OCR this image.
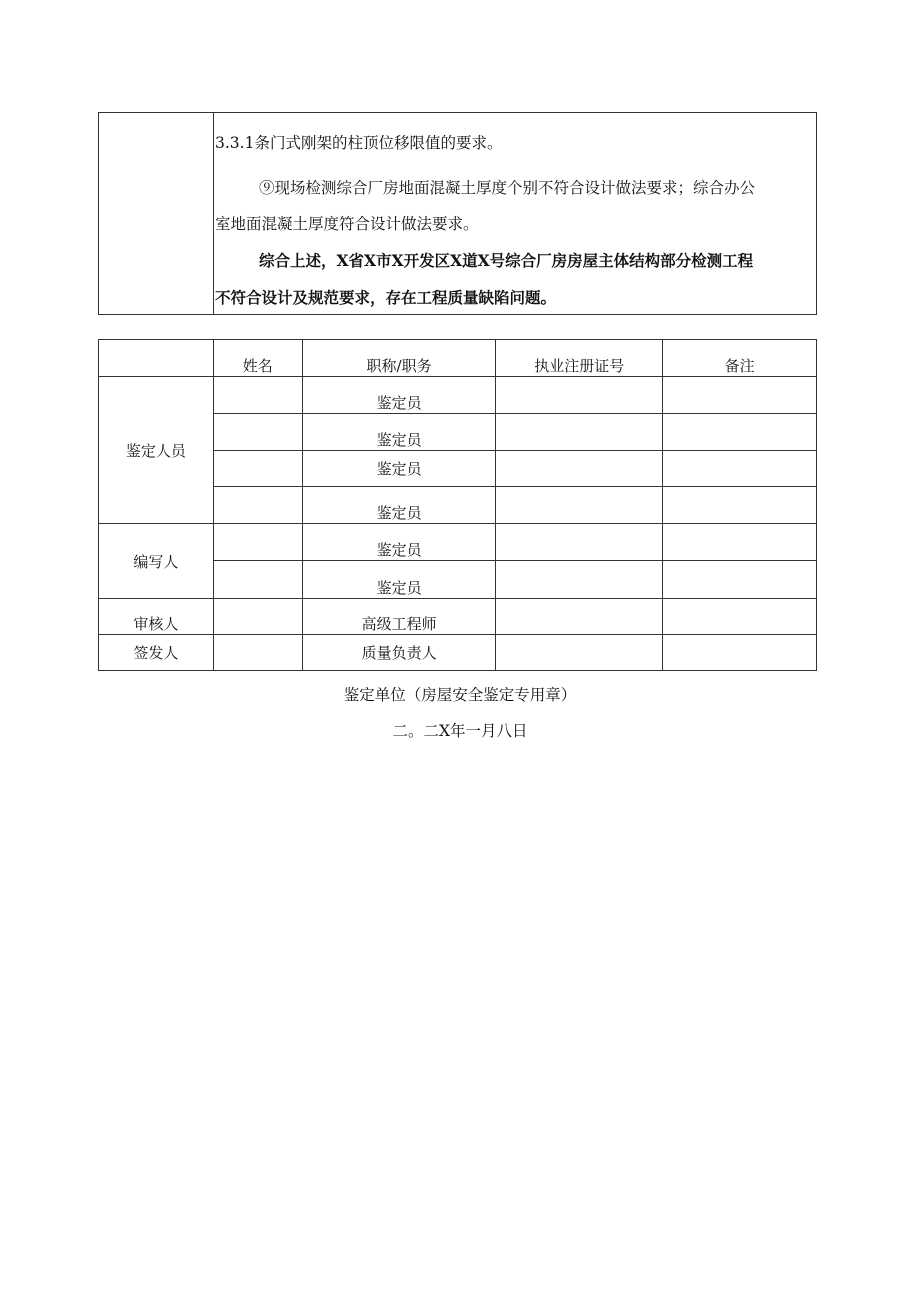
3.3.1条门式刚架的柱顶位移限值的要求。
⑨现场检测综合厂房地面混凝土厚度个别不符合设计做法要求；综合办公
室地面混凝土厚度符合设计做法要求。
综合上述，X省X市X开发区X道X号综合厂房房屋主体结构部分检测工程
不符合设计及规范要求，存在工程质量缺陷问题。
	姓名	职称/职务	执业注册证号	备注
鉴定人员		鉴定员		
		鉴定员		
		鉴定员		
		鉴定员		
编写人		鉴定员		
		鉴定员		
审核人		高级工程师		
签发人		质量负责人		
鉴定单位（房屋安全鉴定专用章）
二。二X年一月八日
